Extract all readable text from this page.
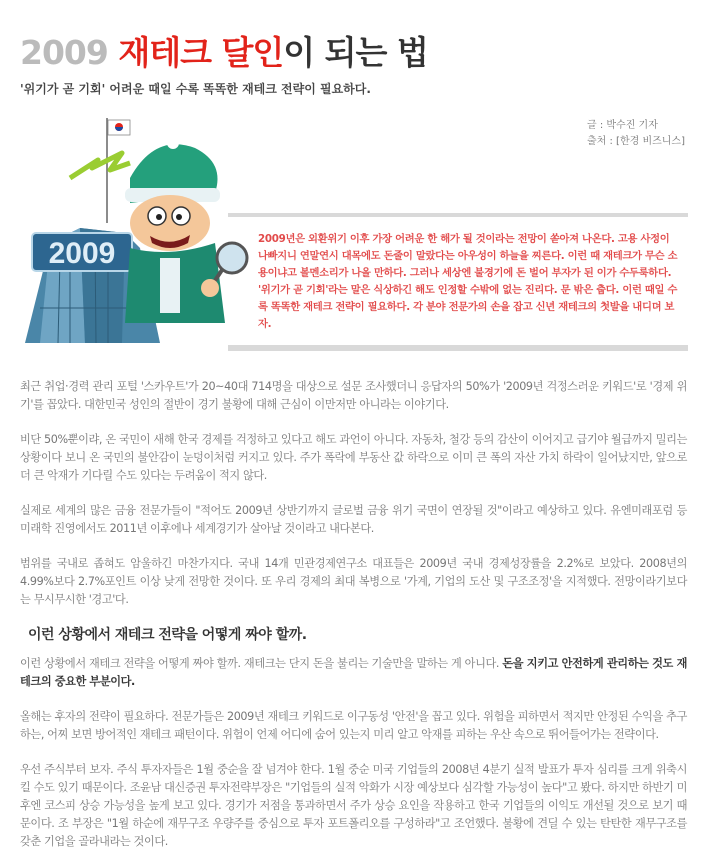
2009 재테크 달인이 되는 법
'위기가 곧 기회' 어려운 때일 수록 똑똑한 재테크 전략이 필요하다.
글 : 박수진 기자
출처 : [한경 비즈니스]
2009	2009년은 외환위기 이후 가장 어려운 한 해가 될 것이라는 전망이 쏟아져 나온다. 고용 사정이 나빠지니 연말연시 대목에도 돈줄이 말랐다는 아우성이 하늘을 찌른다. 이런 때 재테크가 무슨 소용이냐고 볼멘소리가 나올 만하다. 그러나 세상엔 불경기에 돈 벌어 부자가 된 이가 수두룩하다. '위기가 곧 기회'라는 말은 식상하긴 해도 인정할 수밖에 없는 진리다. 문 밖은 춥다. 이런 때일 수록 똑똑한 재테크 전략이 필요하다. 각 분야 전문가의 손을 잡고 신년 재테크의 첫발을 내디뎌 보자.

최근 취업·경력 관리 포털 '스카우트'가 20~40대 714명을 대상으로 설문 조사했더니 응답자의 50%가 '2009년 걱정스러운 키워드'로 '경제 위기'를 꼽았다. 대한민국 성인의 절반이 경기 불황에 대해 근심이 이만저만 아니라는 이야기다.

비단 50%뿐이랴, 온 국민이 새해 한국 경제를 걱정하고 있다고 해도 과언이 아니다. 자동차, 철강 등의 감산이 이어지고 급기야 월급까지 밀리는 상황이다 보니 온 국민의 불안감이 눈덩이처럼 커지고 있다. 주가 폭락에 부동산 값 하락으로 이미 큰 폭의 자산 가치 하락이 일어났지만, 앞으로 더 큰 악재가 기다릴 수도 있다는 두려움이 적지 않다.

실제로 세계의 많은 금융 전문가들이 "적어도 2009년 상반기까지 글로벌 금융 위기 국면이 연장될 것"이라고 예상하고 있다. 유엔미래포럼 등 미래학 진영에서도 2011년 이후에나 세계경기가 살아날 것이라고 내다본다.

범위를 국내로 좁혀도 암울하긴 마찬가지다. 국내 14개 민관경제연구소 대표들은 2009년 국내 경제성장률을 2.2%로 보았다. 2008년의 4.99%보다 2.7%포인트 이상 낮게 전망한 것이다. 또 우리 경제의 최대 복병으로 '가계, 기업의 도산 및 구조조정'을 지적했다. 전망이라기보다는 무시무시한 '경고'다.

이런 상황에서 재테크 전략을 어떻게 짜야 할까.

이런 상황에서 재테크 전략을 어떻게 짜야 할까. 재테크는 단지 돈을 불리는 기술만을 말하는 게 아니다. 돈을 지키고 안전하게 관리하는 것도 재테크의 중요한 부분이다.

올해는 후자의 전략이 필요하다. 전문가들은 2009년 재테크 키워드로 이구동성 '안전'을 꼽고 있다. 위험을 피하면서 적지만 안정된 수익을 추구하는, 어찌 보면 방어적인 재테크 패턴이다. 위험이 언제 어디에 숨어 있는지 미리 알고 악재를 피하는 우산 속으로 뛰어들어가는 전략이다.

우선 주식부터 보자. 주식 투자자들은 1월 중순을 잘 넘겨야 한다. 1월 중순 미국 기업들의 2008년 4분기 실적 발표가 투자 심리를 크게 위축시킬 수도 있기 때문이다. 조윤남 대신증권 투자전략부장은 "기업들의 실적 악화가 시장 예상보다 심각할 가능성이 높다"고 봤다. 하지만 하반기 미후엔 코스피 상승 가능성을 높게 보고 있다. 경기가 저점을 통과하면서 주가 상승 요인을 작용하고 한국 기업들의 이익도 개선될 것으로 보기 때문이다. 조 부장은 "1월 하순에 재무구조 우량주를 중심으로 투자 포트폴리오를 구성하라"고 조언했다. 불황에 견딜 수 있는 탄탄한 재무구조를 갖춘 기업을 골라내라는 것이다.
